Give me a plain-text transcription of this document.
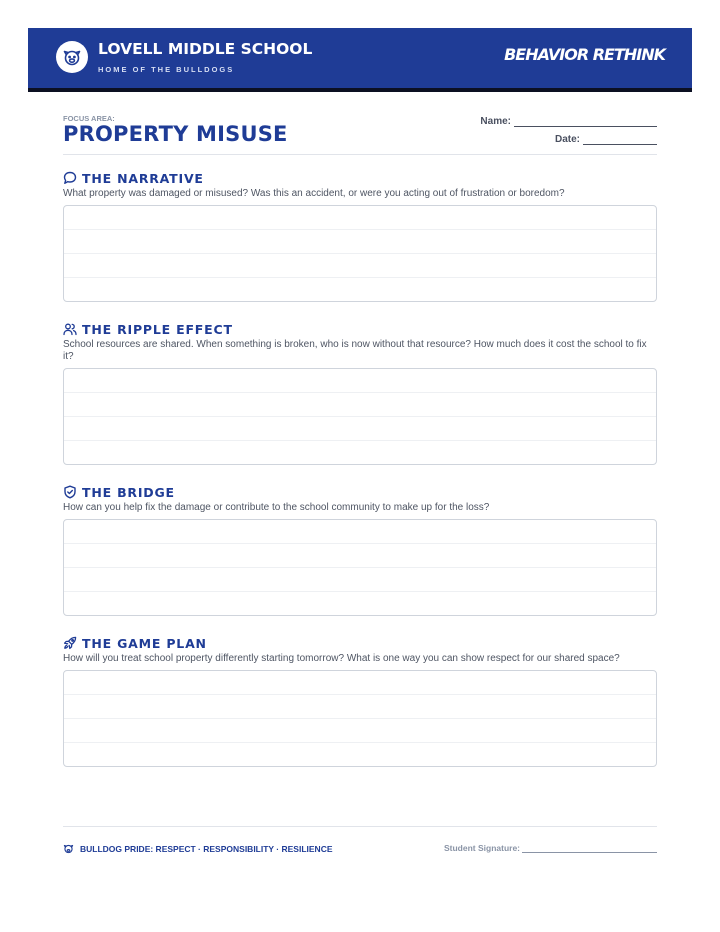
LOVELL MIDDLE SCHOOL
HOME OF THE BULLDOGS
BEHAVIOR RETHINK
FOCUS AREA:
PROPERTY MISUSE
Name:
Date:
THE NARRATIVE
What property was damaged or misused? Was this an accident, or were you acting out of frustration or boredom?
THE RIPPLE EFFECT
School resources are shared. When something is broken, who is now without that resource? How much does it cost the school to fix it?
THE BRIDGE
How can you help fix the damage or contribute to the school community to make up for the loss?
THE GAME PLAN
How will you treat school property differently starting tomorrow? What is one way you can show respect for our shared space?
BULLDOG PRIDE: RESPECT · RESPONSIBILITY · RESILIENCE	Student Signature:
